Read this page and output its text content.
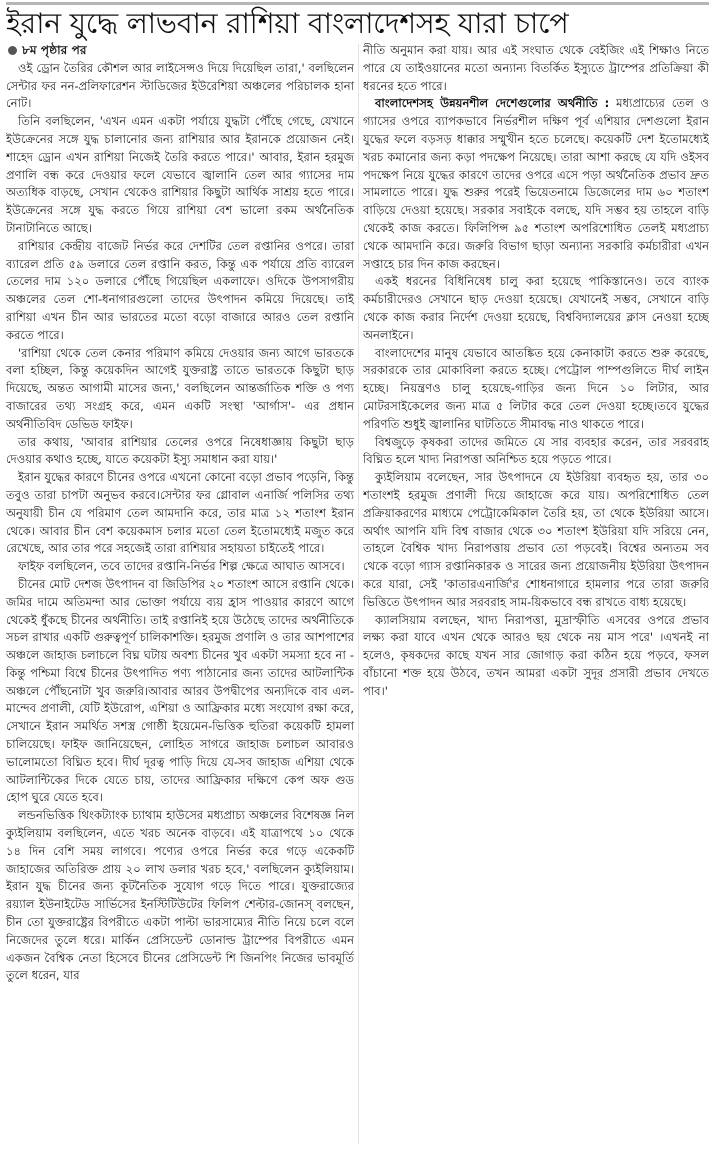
ইরান যুদ্ধে লাভবান রাশিয়া বাংলাদেশসহ যারা চাপে
৮ম পৃষ্ঠার পর

ওই ড্রোন তৈরির কৌশল আর লাইসেন্সও দিয়ে দিয়েছিল তারা,' বলছিলেন সেন্টার ফর নন-প্রলিফারেশন স্টাডিজের ইউরেশিয়া অঞ্চলের পরিচালক হানা নোট।

তিনি বলছিলেন, 'এখন এমন একটা পর্যায়ে যুদ্ধটা পৌঁছে গেছে, যেখানে ইউক্রেনের সঙ্গে যুদ্ধ চালানোর জন্য রাশিয়ার আর ইরানকে প্রয়োজন নেই। শাহেদ ড্রোন এখন রাশিয়া নিজেই তৈরি করতে পারে।' আবার, ইরান হরমুজ প্রণালি বন্ধ করে দেওয়ার ফলে যেভাবে জ্বালানি তেল আর গ্যাসের দাম অত্যধিক বাড়ছে, সেখান থেকেও রাশিয়ার কিছুটা আর্থিক সাশ্রয় হতে পারে। ইউক্রেনের সঙ্গে যুদ্ধ করতে গিয়ে রাশিয়া বেশ ভালো রকম অর্থনৈতিক টানাটানিতে আছে।

রাশিয়ার কেন্দ্রীয় বাজেট নির্ভর করে দেশটির তেল রপ্তানির ওপরে। তারা ব্যারেল প্রতি ৫৯ ডলারে তেল রপ্তানি করত, কিন্তু এক পর্যায়ে প্রতি ব্যারেল তেলের দাম ১২০ ডলারে পৌঁছে গিয়েছিল একলাফে। ওদিকে উপসাগরীয় অঞ্চলের তেল শো-ধনাগারগুলো তাদের উৎপাদন কমিয়ে দিয়েছে। তাই রাশিয়া এখন চীন আর ভারতের মতো বড়ো বাজারে আরও তেল রপ্তানি করতে পারে।

'রাশিয়া থেকে তেল কেনার পরিমাণ কমিয়ে দেওয়ার জন্য আগে ভারতকে বলা হচ্ছিল, কিন্তু কয়েকদিন আগেই যুক্তরাষ্ট্র তাতে ভারতকে কিছুটা ছাড় দিয়েছে, অন্তত আগামী মাসের জন্য,' বলছিলেন আন্তর্জাতিক শক্তি ও পণ্য বাজারের তথ্য সংগ্রহ করে, এমন একটি সংস্থা 'আর্গাস'- এর প্রধান অর্থনীতিবিদ ডেভিড ফাইফ।

তার কথায়, 'আবার রাশিয়ার তেলের ওপরে নিষেধাজ্ঞায় কিছুটা ছাড় দেওয়ার কথাও হচ্ছে, যাতে কয়েকটা ইস্যু সমাধান করা যায়।'

ইরান যুদ্ধের কারণে চীনের ওপরে এখনো কোনো বড়ো প্রভাব পড়েনি, কিন্তু তবুও তারা চাপটা অনুভব করবে।সেন্টার ফর গ্লোবাল এনার্জি পলিসির তথ্য অনুযায়ী চীন যে পরিমাণ তেল আমদানি করে, তার মাত্র ১২ শতাংশ ইরান থেকে। আবার চীন বেশ কয়েকমাস চলার মতো তেল ইতোমধ্যেই মজুত করে রেখেছে, আর তার পরে সহজেই তারা রাশিয়ার সহায়তা চাইতেই পারে।

ফাইফ বলছিলেন, তবে তাদের রপ্তানি-নির্ভর শিল্প ক্ষেত্রে আঘাত আসবে।

চীনের মোট দেশজ উৎপাদন বা জিডিপির ২০ শতাংশ আসে রপ্তানি থেকে। জমির দামে অতিমন্দা আর ভোক্তা পর্যায়ে ব্যয় হ্রাস পাওয়ার কারণে আগে থেকেই ধুঁকছে চীনের অর্থনীতি। তাই রপ্তানিই হয়ে উঠেছে তাদের অর্থনীতিকে সচল রাখার একটি গুরুত্বপূর্ণ চালিকাশক্তি। হরমুজ প্রণালি ও তার আশপাশের অঞ্চলে জাহাজ চলাচলে বিঘ্ন ঘটায় অবশ্য চীনের খুব একটা সমস্যা হবে না - কিন্তু পশ্চিমা বিশ্বে চীনের উৎপাদিত পণ্য পাঠানোর জন্য তাদের আটলান্টিক অঞ্চলে পৌঁছনোটা খুব জরুরি।আবার আরব উপদ্বীপের অন্যদিকে বাব এল-মান্দেব প্রণালী, যেটি ইউরোপ, এশিয়া ও আফ্রিকার মধ্যে সংযোগ রক্ষা করে, সেখানে ইরান সমর্থিত সশস্ত্র গোষ্ঠী ইয়েমেন-ভিত্তিক হুতিরা কয়েকটি হামলা চালিয়েছে। ফাইফ জানিয়েছেন, লোহিত সাগরে জাহাজ চলাচল আবারও ভালোমতো বিঘ্নিত হবে। দীর্ঘ দূরত্ব পাড়ি দিয়ে যে-সব জাহাজ এশিয়া থেকে আটলান্টিকের দিকে যেতে চায়, তাদের আফ্রিকার দক্ষিণে কেপ অফ গুড হোপ ঘুরে যেতে হবে।

লন্ডনভিত্তিক থিংকট্যাংক চ্যাথাম হাউসের মধ্যপ্রাচ্য অঞ্চলের বিশেষজ্ঞ নিল ক্যুইলিয়াম বলছিলেন, এতে খরচ অনেক বাড়বে। এই যাত্রাপথে ১০ থেকে ১৪ দিন বেশি সময় লাগবে। পণ্যের ওপরে নির্ভর করে গড়ে একেকটি জাহাজের অতিরিক্ত প্রায় ২০ লাখ ডলার খরচ হবে,' বলছিলেন ক্যুইলিয়াম। ইরান যুদ্ধ চীনের জন্য কূটনৈতিক সুযোগ গড়ে দিতে পারে। যুক্তরাজ্যের রয়্যাল ইউনাইটেড সার্ভিসের ইনস্টিটিউটের ফিলিপ শেল্টার-জোনস্ বলছেন, চীন তো যুক্তরাষ্ট্রের বিপরীতে একটা পাল্টা ভারসাম্যের নীতি নিয়ে চলে বলে নিজেদের তুলে ধরে। মার্কিন প্রেসিডেন্ট ডোনাল্ড ট্রাম্পের বিপরীতে এমন একজন বৈশ্বিক নেতা হিসেবে চীনের প্রেসিডেন্ট শি জিনপিং নিজের ভাবমূর্তি তুলে ধরেন, যার

নীতি অনুমান করা যায়। আর এই সংঘাত থেকে বেইজিং এই শিক্ষাও নিতে পারে যে তাইওয়ানের মতো অন্যান্য বিতর্কিত ইস্যুতে ট্রাম্পের প্রতিক্রিয়া কী ধরনের হতে পারে।

বাংলাদেশসহ উন্নয়নশীল দেশেগুলোর অর্থনীতি : মধ্যপ্রাচ্যের তেল ও গ্যাসের ওপরে ব্যাপকভাবে নির্ভরশীল দক্ষিণ পূর্ব এশিয়ার দেশগুলো ইরান যুদ্ধের ফলে বড়সড় ধাক্কার সম্মুখীন হতে চলেছে। কয়েকটি দেশ ইতোমধ্যেই খরচ কমানোর জন্য কড়া পদক্ষেপ নিয়েছে। তারা আশা করছে যে যদি ওইসব পদক্ষেপ নিয়ে যুদ্ধের কারণে তাদের ওপরে এসে পড়া অর্থনৈতিক প্রভাব দ্রুত সামলাতে পারে। যুদ্ধ শুরুর পরেই ভিয়েতনামে ডিজেলের দাম ৬০ শতাংশ বাড়িয়ে দেওয়া হয়েছে। সরকার সবাইকে বলছে, যদি সম্ভব হয় তাহলে বাড়ি থেকেই কাজ করতে। ফিলিপিন্স ৯৫ শতাংশ অপরিশোধিত তেলই মধ্যপ্রাচ্য থেকে আমদানি করে। জরুরি বিভাগ ছাড়া অন্যান্য সরকারি কর্মচারীরা এখন সপ্তাহে চার দিন কাজ করছেন।

একই ধরনের বিধিনিষেধ চালু করা হয়েছে পাকিস্তানেও। তবে ব্যাংক কর্মচারীদেরও সেখানে ছাড় দেওয়া হয়েছে। যেখানেই সম্ভব, সেখানে বাড়ি থেকে কাজ করার নির্দেশ দেওয়া হয়েছে, বিশ্ববিদ্যালয়ের ক্লাস নেওয়া হচ্ছে অনলাইনে।

বাংলাদেশের মানুষ যেভাবে আতঙ্কিত হয়ে কেনাকাটা করতে শুরু করেছে, সরকারকে তার মোকাবিলা করতে হচ্ছে। পেট্রোল পাম্পগুলিতে দীর্ঘ লাইন হচ্ছে। নিয়ন্ত্রণও চালু হয়েছে-গাড়ির জন্য দিনে ১০ লিটার, আর মোটরসাইকেলের জন্য মাত্র ৫ লিটার করে তেল দেওয়া হচ্ছে।তবে যুদ্ধের পরিণতি শুধুই জ্বালানির ঘাটতিতে সীমাবদ্ধ নাও থাকতে পারে।

বিশ্বজুড়ে কৃষকরা তাদের জমিতে যে সার ব্যবহার করেন, তার সরবরাহ বিঘ্নিত হলে খাদ্য নিরাপত্তা অনিশ্চিত হয়ে পড়তে পারে।

ক্যুইলিয়াম বলেছেন, সার উৎপাদনে যে ইউরিয়া ব্যবহৃত হয়, তার ৩০ শতাংশই হরমুজ প্রণালী দিয়ে জাহাজে করে যায়। অপরিশোধিত তেল প্রক্রিয়াকরণের মাধ্যমে পেট্রোকেমিকাল তৈরি হয়, তা থেকে ইউরিয়া আসে। অর্থাৎ আপনি যদি বিশ্ব বাজার থেকে ৩০ শতাংশ ইউরিয়া যদি সরিয়ে নেন, তাহলে বৈশ্বিক খাদ্য নিরাপত্তায় প্রভাব তো পড়বেই। বিশ্বের অন্যতম সব থেকে বড়ো গ্যাস রপ্তানিকারক ও সারের জন্য প্রয়োজনীয় ইউরিয়া উৎপাদন করে যারা, সেই 'কাতারএনার্জি'র শোধনাগারে হামলার পরে তারা জরুরি ভিত্তিতে উৎপাদন আর সরবরাহ সাম-য়িকভাবে বন্ধ রাখতে বাধ্য হয়েছে।

ক্যালসিয়াম বলছেন, খাদ্য নিরাপত্তা, মুদ্রাস্ফীতি এসবের ওপরে প্রভাব লক্ষ্য করা যাবে এখন থেকে আরও ছয় থেকে নয় মাস পরে' ।এখনই না হলেও, কৃষকদের কাছে যখন সার জোগাড় করা কঠিন হয়ে পড়বে, ফসল বাঁচানো শক্ত হয়ে উঠবে, তখন আমরা একটা সুদূর প্রসারী প্রভাব দেখতে পাব।'
